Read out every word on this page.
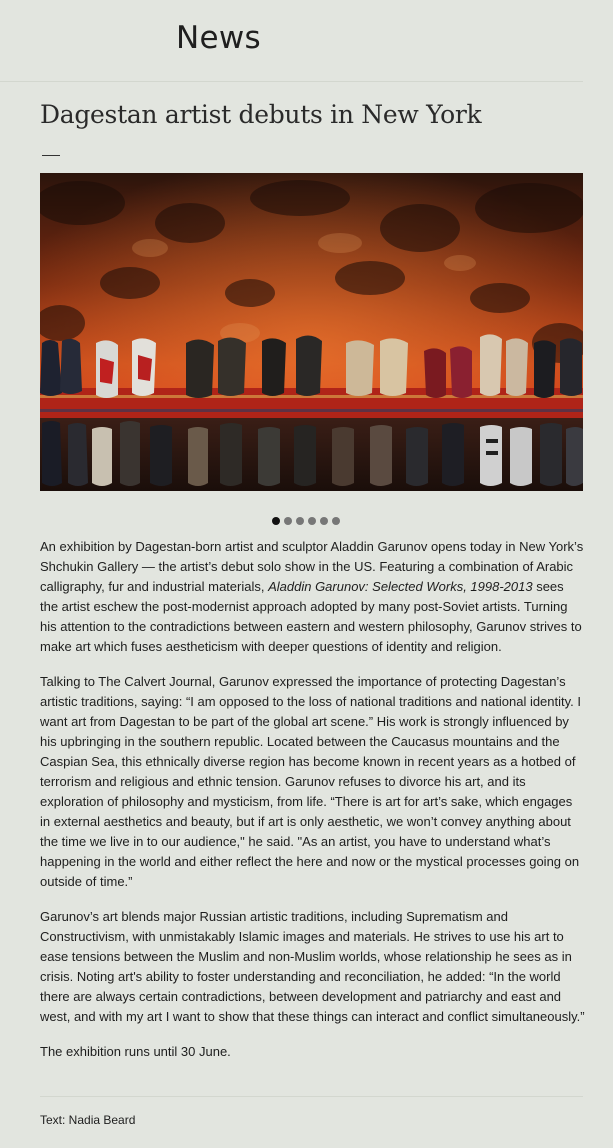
News
Dagestan artist debuts in New York

An exhibition by Dagestan-born artist and sculptor Aladdin Garunov opens today in New York’s Shchukin Gallery — the artist’s debut solo show in the US. Featuring a combination of Arabic calligraphy, fur and industrial materials, Aladdin Garunov: Selected Works, 1998-2013 sees the artist eschew the post-modernist approach adopted by many post-Soviet artists. Turning his attention to the contradictions between eastern and western philosophy, Garunov strives to make art which fuses aestheticism with deeper questions of identity and religion.

Talking to The Calvert Journal, Garunov expressed the importance of protecting Dagestan’s artistic traditions, saying: “I am opposed to the loss of national traditions and national identity. I want art from Dagestan to be part of the global art scene.” His work is strongly influenced by his upbringing in the southern republic. Located between the Caucasus mountains and the Caspian Sea, this ethnically diverse region has become known in recent years as a hotbed of terrorism and religious and ethnic tension. Garunov refuses to divorce his art, and its exploration of philosophy and mysticism, from life. “There is art for art’s sake, which engages in external aesthetics and beauty, but if art is only aesthetic, we won’t convey anything about the time we live in to our audience," he said. "As an artist, you have to understand what’s happening in the world and either reflect the here and now or the mystical processes going on outside of time.”

Garunov’s art blends major Russian artistic traditions, including Suprematism and Constructivism, with unmistakably Islamic images and materials. He strives to use his art to ease tensions between the Muslim and non-Muslim worlds, whose relationship he sees as in crisis. Noting art's ability to foster understanding and reconciliation, he added: “In the world there are always certain contradictions, between development and patriarchy and east and west, and with my art I want to show that these things can interact and conflict simultaneously.”

The exhibition runs until 30 June.

Text: Nadia Beard
